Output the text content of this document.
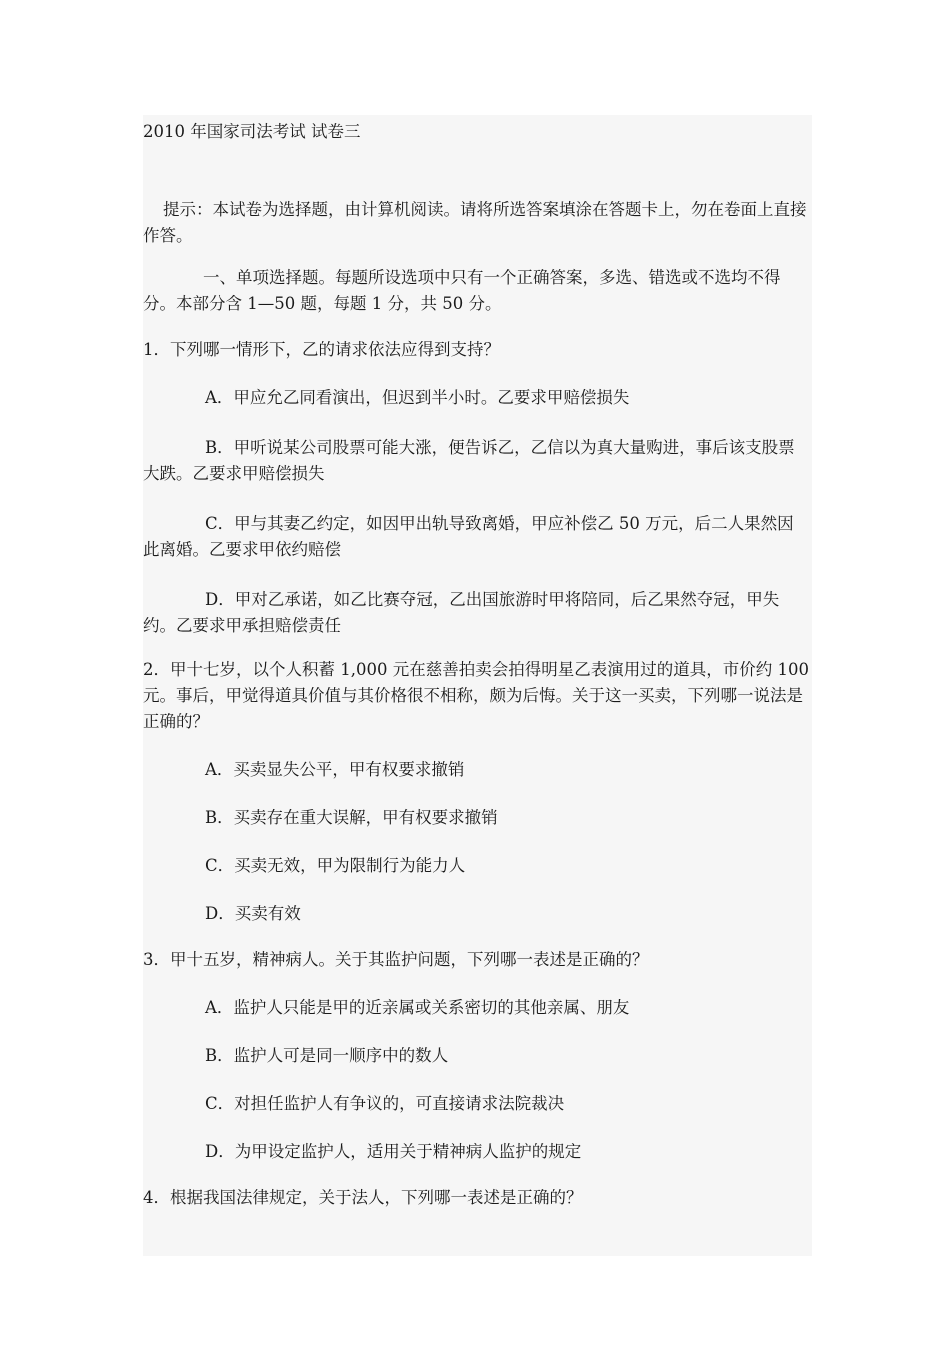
2010 年国家司法考试 试卷三

提示：本试卷为选择题，由计算机阅读。请将所选答案填涂在答题卡上，勿在卷面上直接作答。

一、单项选择题。每题所设选项中只有一个正确答案，多选、错选或不选均不得分。本部分含 1—50 题，每题 1 分，共 50 分。

1．下列哪一情形下，乙的请求依法应得到支持？

A．甲应允乙同看演出，但迟到半小时。乙要求甲赔偿损失

B．甲听说某公司股票可能大涨，便告诉乙，乙信以为真大量购进，事后该支股票大跌。乙要求甲赔偿损失

C．甲与其妻乙约定，如因甲出轨导致离婚，甲应补偿乙 50 万元，后二人果然因此离婚。乙要求甲依约赔偿

D．甲对乙承诺，如乙比赛夺冠，乙出国旅游时甲将陪同，后乙果然夺冠，甲失约。乙要求甲承担赔偿责任

2．甲十七岁，以个人积蓄 1,000 元在慈善拍卖会拍得明星乙表演用过的道具，市价约 100 元。事后，甲觉得道具价值与其价格很不相称，颇为后悔。关于这一买卖，下列哪一说法是正确的？

A．买卖显失公平，甲有权要求撤销

B．买卖存在重大误解，甲有权要求撤销

C．买卖无效，甲为限制行为能力人

D．买卖有效

3．甲十五岁，精神病人。关于其监护问题，下列哪一表述是正确的？

A．监护人只能是甲的近亲属或关系密切的其他亲属、朋友

B．监护人可是同一顺序中的数人

C．对担任监护人有争议的，可直接请求法院裁决

D．为甲设定监护人，适用关于精神病人监护的规定

4．根据我国法律规定，关于法人，下列哪一表述是正确的？
